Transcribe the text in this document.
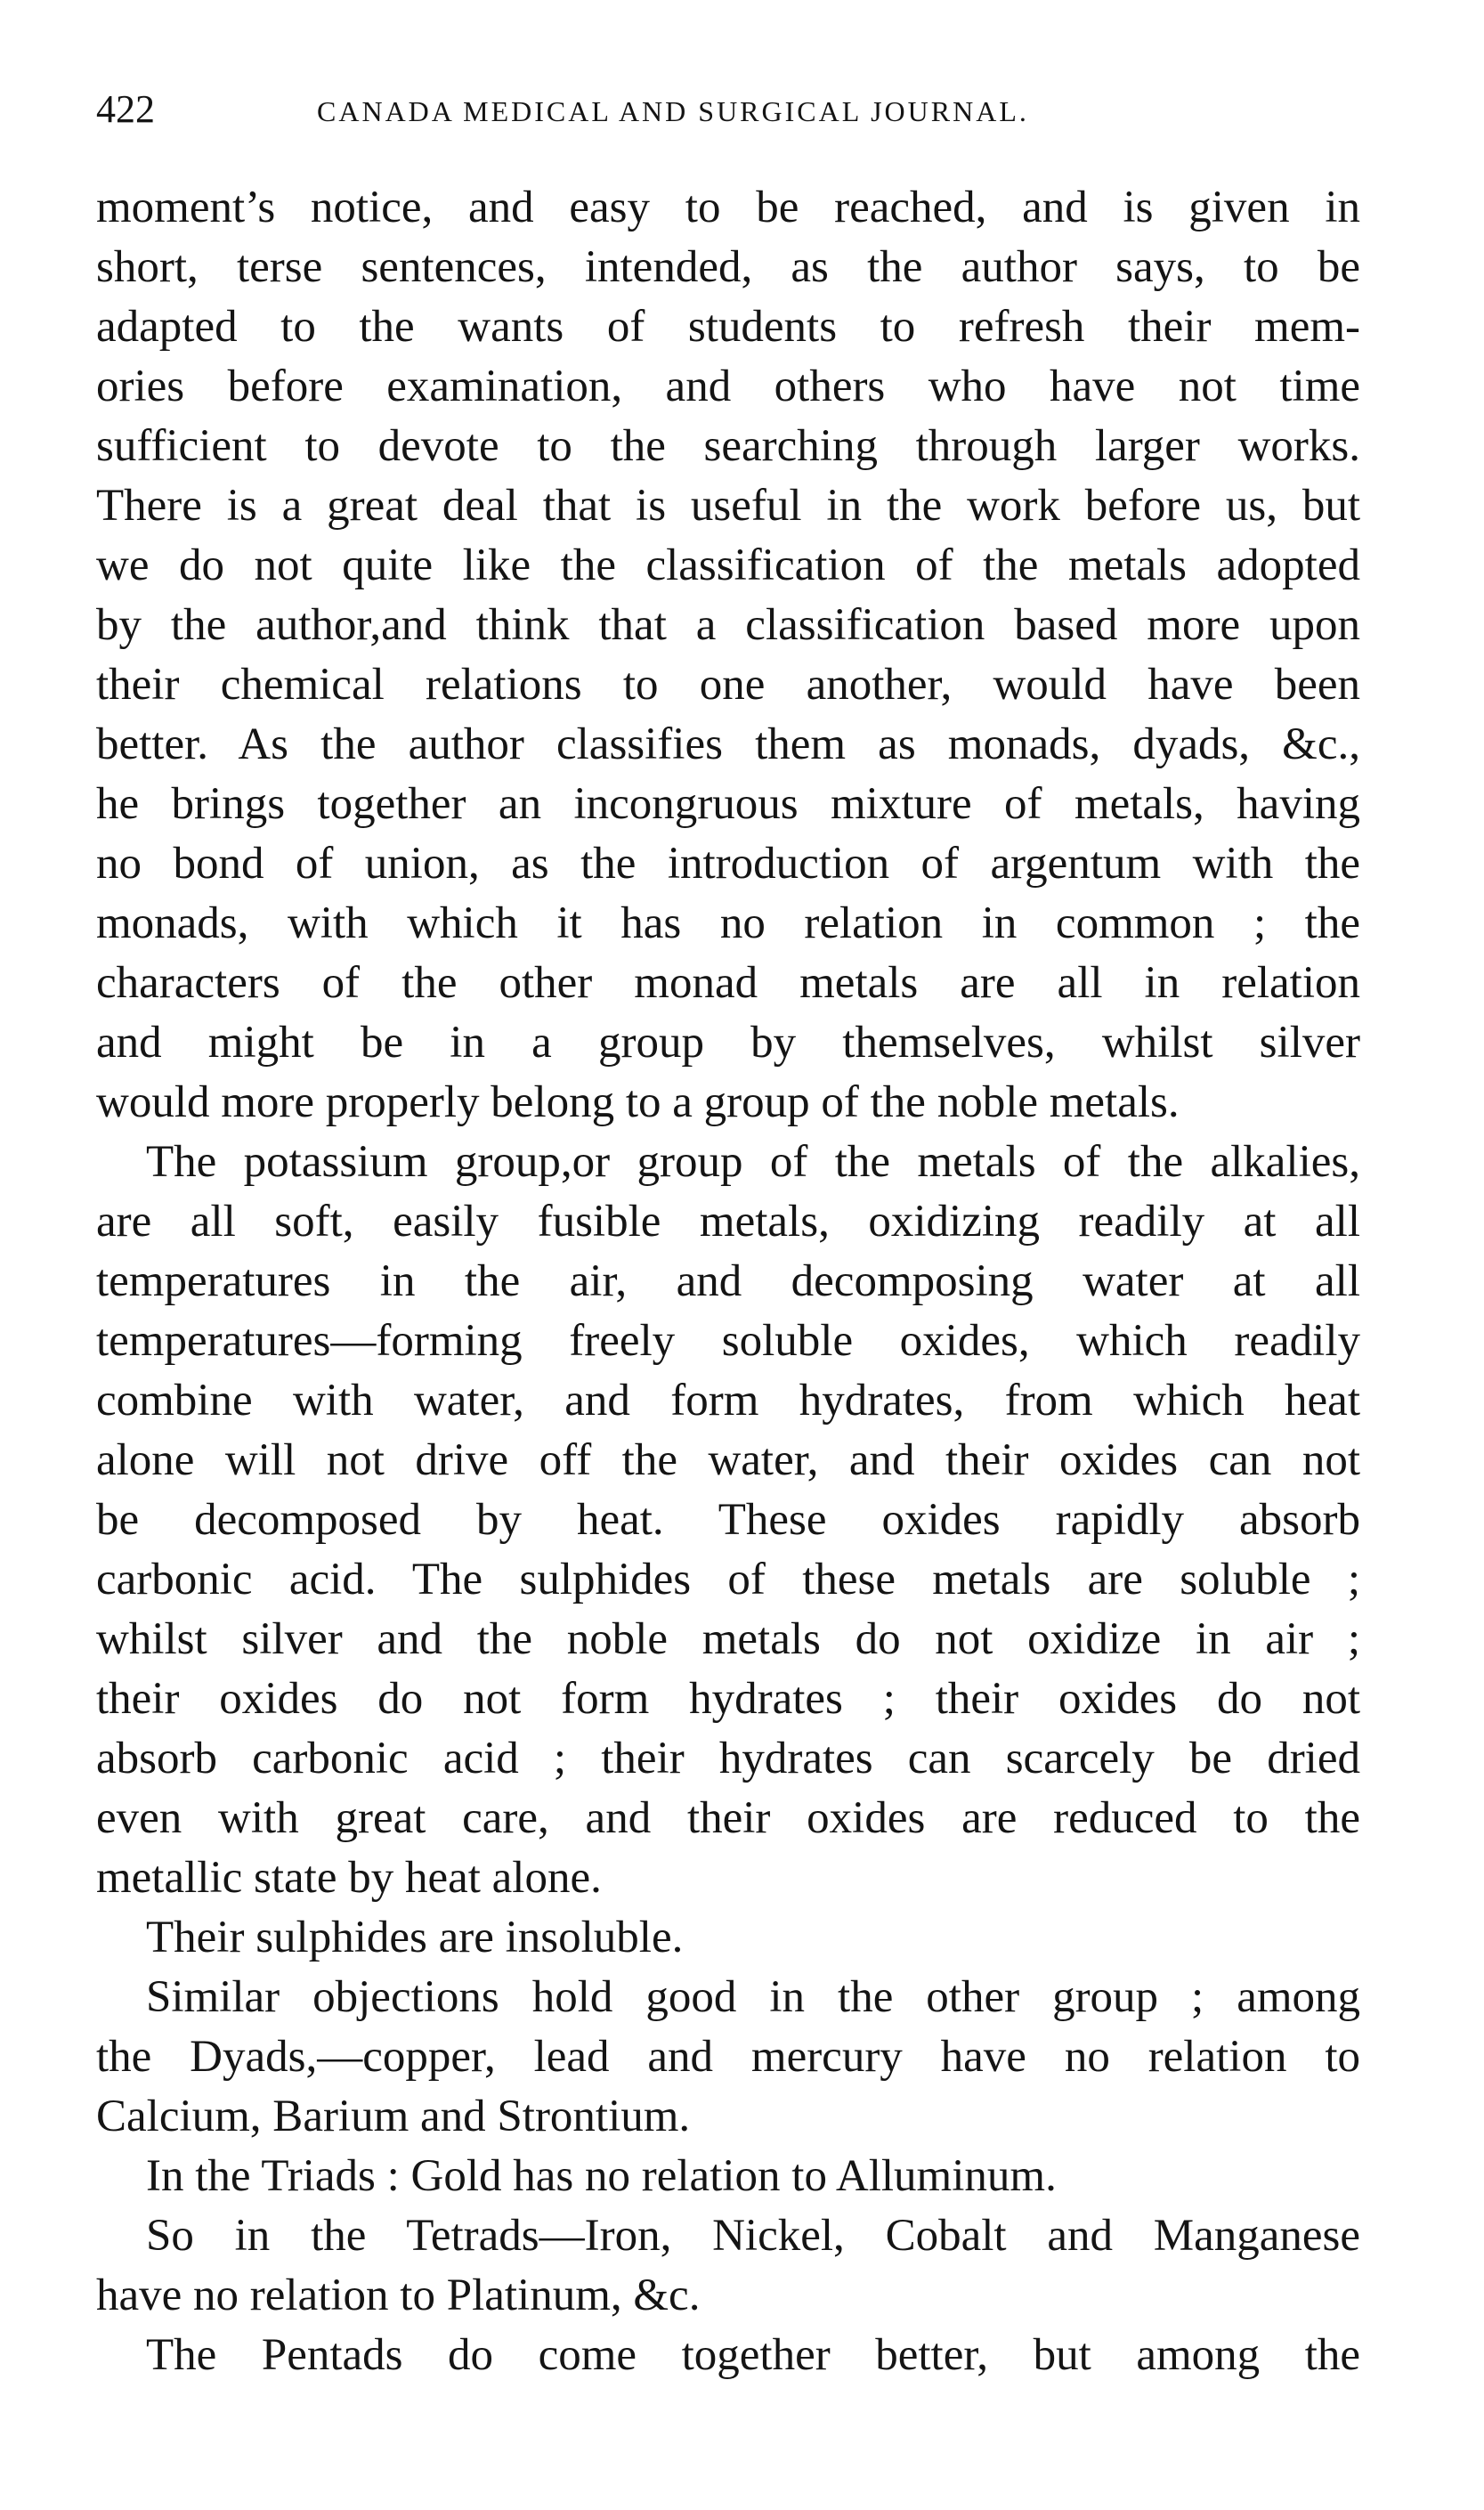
422	CANADA MEDICAL AND SURGICAL JOURNAL.
moment’s notice, and easy to be reached, and is given in
short, terse sentences, intended, as the author says, to be
adapted to the wants of students to refresh their mem-
ories before examination, and others who have not time
sufficient to devote to the searching through larger works.
There is a great deal that is useful in the work before us, but
we do not quite like the classification of the metals adopted
by the author,and think that a classification based more upon
their chemical relations to one another, would have been
better. As the author classifies them as monads, dyads, &c.,
he brings together an incongruous mixture of metals, having
no bond of union, as the introduction of argentum with the
monads, with which it has no relation in common ; the
characters of the other monad metals are all in relation
and might be in a group by themselves, whilst silver
would more properly belong to a group of the noble metals.
The potassium group,or group of the metals of the alkalies,
are all soft, easily fusible metals, oxidizing readily at all
temperatures in the air, and decomposing water at all
temperatures—forming freely soluble oxides, which readily
combine with water, and form hydrates, from which heat
alone will not drive off the water, and their oxides can not
be decomposed by heat. These oxides rapidly absorb
carbonic acid. The sulphides of these metals are soluble ;
whilst silver and the noble metals do not oxidize in air ;
their oxides do not form hydrates ; their oxides do not
absorb carbonic acid ; their hydrates can scarcely be dried
even with great care, and their oxides are reduced to the
metallic state by heat alone.
Their sulphides are insoluble.
Similar objections hold good in the other group ; among
the Dyads,—copper, lead and mercury have no relation to
Calcium, Barium and Strontium.
In the Triads : Gold has no relation to Alluminum.
So in the Tetrads—Iron, Nickel, Cobalt and Manganese
have no relation to Platinum, &c.
The Pentads do come together better, but among the
